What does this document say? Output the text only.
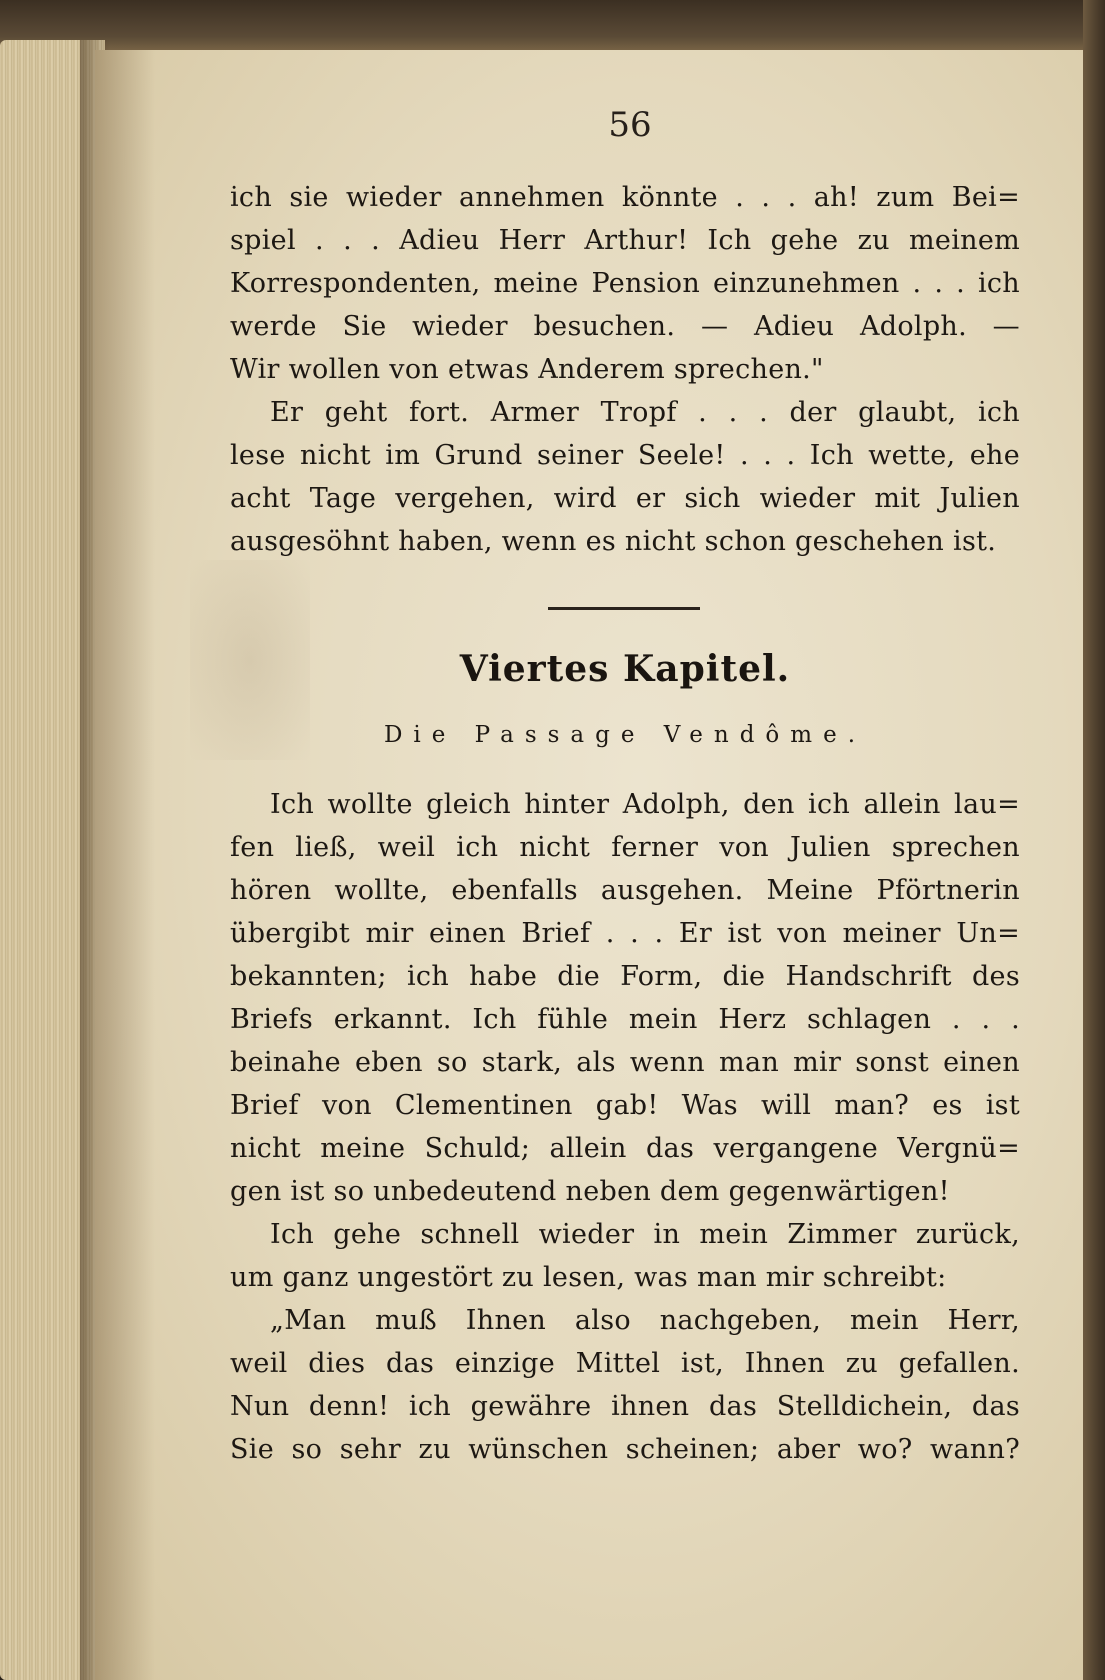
56
ich sie wieder annehmen könnte . . . ah! zum Bei=
spiel . . . Adieu Herr Arthur! Ich gehe zu meinem
Korrespondenten, meine Pension einzunehmen . . . ich
werde Sie wieder besuchen. — Adieu Adolph. —
Wir wollen von etwas Anderem sprechen."
Er geht fort. Armer Tropf . . . der glaubt, ich
lese nicht im Grund seiner Seele! . . . Ich wette, ehe
acht Tage vergehen, wird er sich wieder mit Julien
ausgesöhnt haben, wenn es nicht schon geschehen ist.
Viertes Kapitel.
Die Passage Vendôme.
Ich wollte gleich hinter Adolph, den ich allein lau=
fen ließ, weil ich nicht ferner von Julien sprechen
hören wollte, ebenfalls ausgehen. Meine Pförtnerin
übergibt mir einen Brief . . . Er ist von meiner Un=
bekannten; ich habe die Form, die Handschrift des
Briefs erkannt. Ich fühle mein Herz schlagen . . .
beinahe eben so stark, als wenn man mir sonst einen
Brief von Clementinen gab! Was will man? es ist
nicht meine Schuld; allein das vergangene Vergnü=
gen ist so unbedeutend neben dem gegenwärtigen!
Ich gehe schnell wieder in mein Zimmer zurück,
um ganz ungestört zu lesen, was man mir schreibt:
„Man muß Ihnen also nachgeben, mein Herr,
weil dies das einzige Mittel ist, Ihnen zu gefallen.
Nun denn! ich gewähre ihnen das Stelldichein, das
Sie so sehr zu wünschen scheinen; aber wo? wann?
